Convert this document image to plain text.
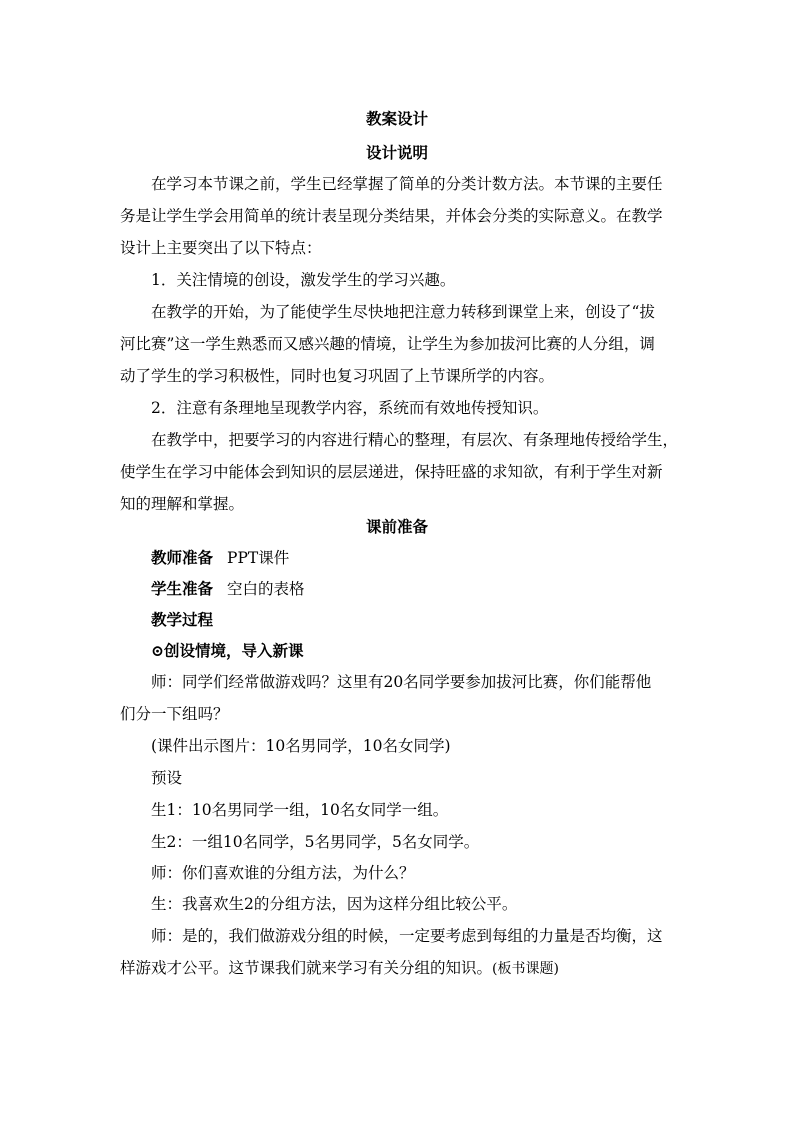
教案设计
设计说明
在学习本节课之前，学生已经掌握了简单的分类计数方法。本节课的主要任
务是让学生学会用简单的统计表呈现分类结果，并体会分类的实际意义。在教学
设计上主要突出了以下特点：
1．关注情境的创设，激发学生的学习兴趣。
在教学的开始，为了能使学生尽快地把注意力转移到课堂上来，创设了“拔
河比赛”这一学生熟悉而又感兴趣的情境，让学生为参加拔河比赛的人分组，调
动了学生的学习积极性，同时也复习巩固了上节课所学的内容。
2．注意有条理地呈现教学内容，系统而有效地传授知识。
在教学中，把要学习的内容进行精心的整理，有层次、有条理地传授给学生，
使学生在学习中能体会到知识的层层递进，保持旺盛的求知欲，有利于学生对新
知的理解和掌握。
课前准备
教师准备 PPT课件
学生准备 空白的表格
教学过程
⊙创设情境，导入新课
师：同学们经常做游戏吗？这里有20名同学要参加拔河比赛，你们能帮他
们分一下组吗？
(课件出示图片：10名男同学，10名女同学)
预设
生1：10名男同学一组，10名女同学一组。
生2：一组10名同学，5名男同学，5名女同学。
师：你们喜欢谁的分组方法，为什么？
生：我喜欢生2的分组方法，因为这样分组比较公平。
师：是的，我们做游戏分组的时候，一定要考虑到每组的力量是否均衡，这
样游戏才公平。这节课我们就来学习有关分组的知识。(板书课题)
